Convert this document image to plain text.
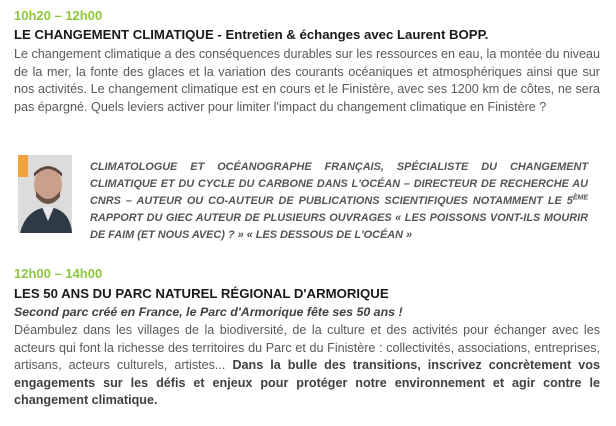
10h20 – 12h00
LE CHANGEMENT CLIMATIQUE - Entretien & échanges avec Laurent BOPP.
Le changement climatique a des conséquences durables sur les ressources en eau, la montée du niveau de la mer, la fonte des glaces et la variation des courants océaniques et atmosphériques ainsi que sur nos activités. Le changement climatique est en cours et le Finistère, avec ses 1200 km de côtes, ne sera pas épargné. Quels leviers activer pour limiter l'impact du changement climatique en Finistère ?
CLIMATOLOGUE ET OCÉANOGRAPHE FRANÇAIS, SPÉCIALISTE DU CHANGEMENT CLIMATIQUE ET DU CYCLE DU CARBONE DANS L'OCÉAN – DIRECTEUR DE RECHERCHE AU CNRS – AUTEUR OU CO-AUTEUR DE PUBLICATIONS SCIENTIFIQUES NOTAMMENT LE 5ÈME RAPPORT DU GIEC AUTEUR DE PLUSIEURS OUVRAGES « LES POISSONS VONT-ILS MOURIR DE FAIM (ET NOUS AVEC) ? » « LES DESSOUS DE L'OCÉAN »
12h00 – 14h00
LES 50 ANS DU PARC NATUREL RÉGIONAL D'ARMORIQUE
Second parc créé en France, le Parc d'Armorique fête ses 50 ans !
Déambulez dans les villages de la biodiversité, de la culture et des activités pour échanger avec les acteurs qui font la richesse des territoires du Parc et du Finistère : collectivités, associations, entreprises, artisans, acteurs culturels, artistes... Dans la bulle des transitions, inscrivez concrètement vos engagements sur les défis et enjeux pour protéger notre environnement et agir contre le changement climatique.
